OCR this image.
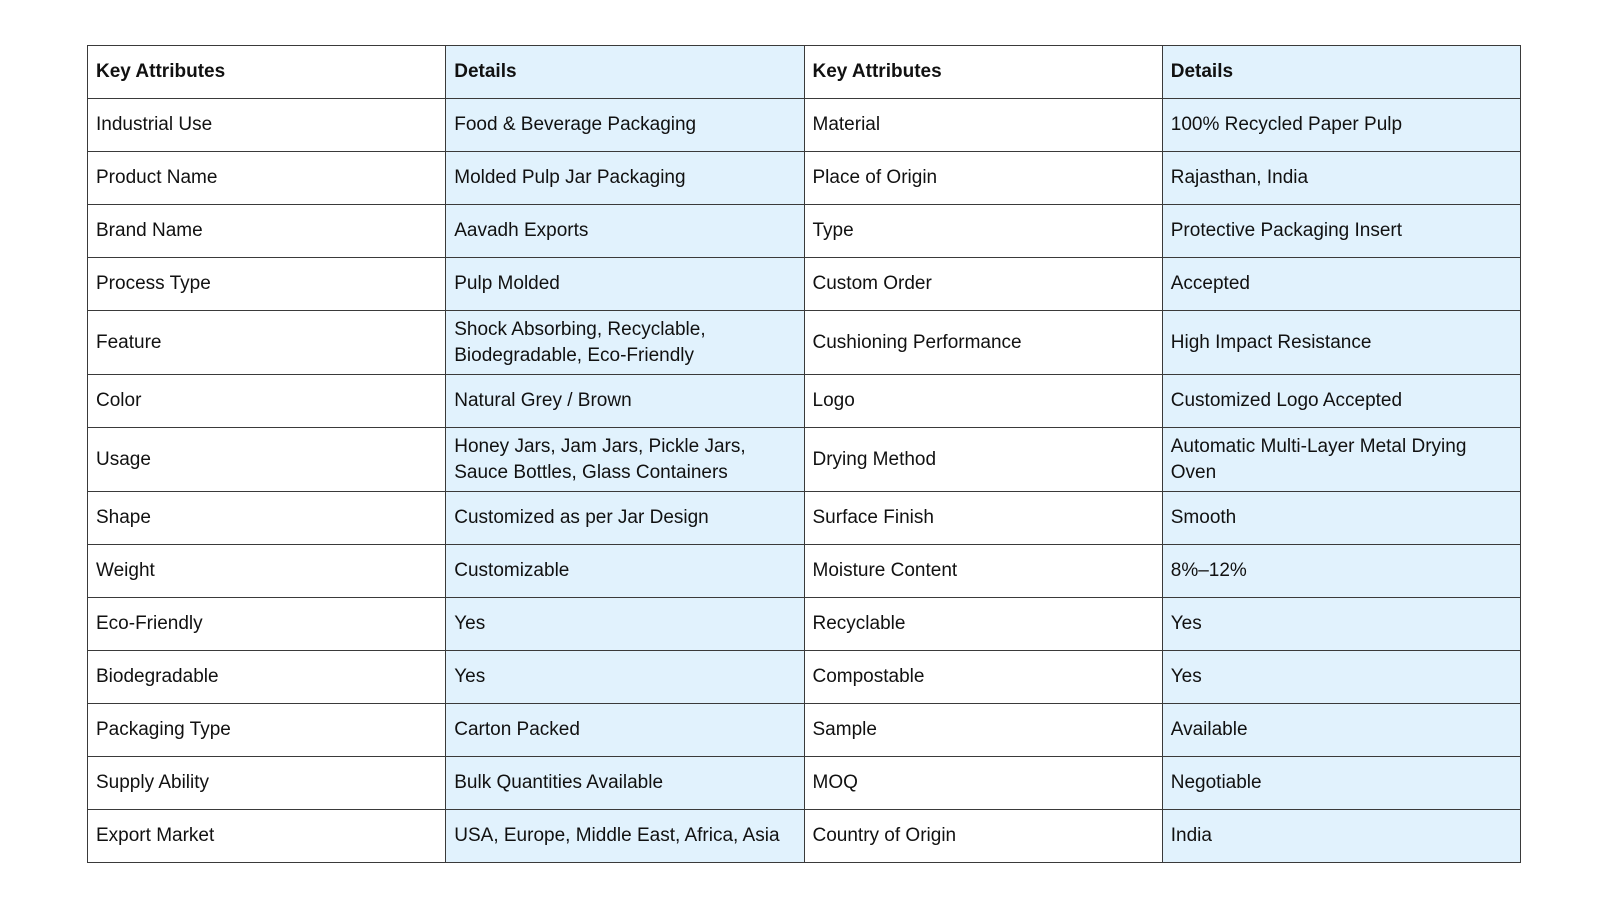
Key Attributes	Details	Key Attributes	Details
Industrial Use	Food & Beverage Packaging	Material	100% Recycled Paper Pulp
Product Name	Molded Pulp Jar Packaging	Place of Origin	Rajasthan, India
Brand Name	Aavadh Exports	Type	Protective Packaging Insert
Process Type	Pulp Molded	Custom Order	Accepted
Feature	Shock Absorbing, Recyclable, Biodegradable, Eco-Friendly	Cushioning Performance	High Impact Resistance
Color	Natural Grey / Brown	Logo	Customized Logo Accepted
Usage	Honey Jars, Jam Jars, Pickle Jars, Sauce Bottles, Glass Containers	Drying Method	Automatic Multi-Layer Metal Drying Oven
Shape	Customized as per Jar Design	Surface Finish	Smooth
Weight	Customizable	Moisture Content	8%–12%
Eco-Friendly	Yes	Recyclable	Yes
Biodegradable	Yes	Compostable	Yes
Packaging Type	Carton Packed	Sample	Available
Supply Ability	Bulk Quantities Available	MOQ	Negotiable
Export Market	USA, Europe, Middle East, Africa, Asia	Country of Origin	India
